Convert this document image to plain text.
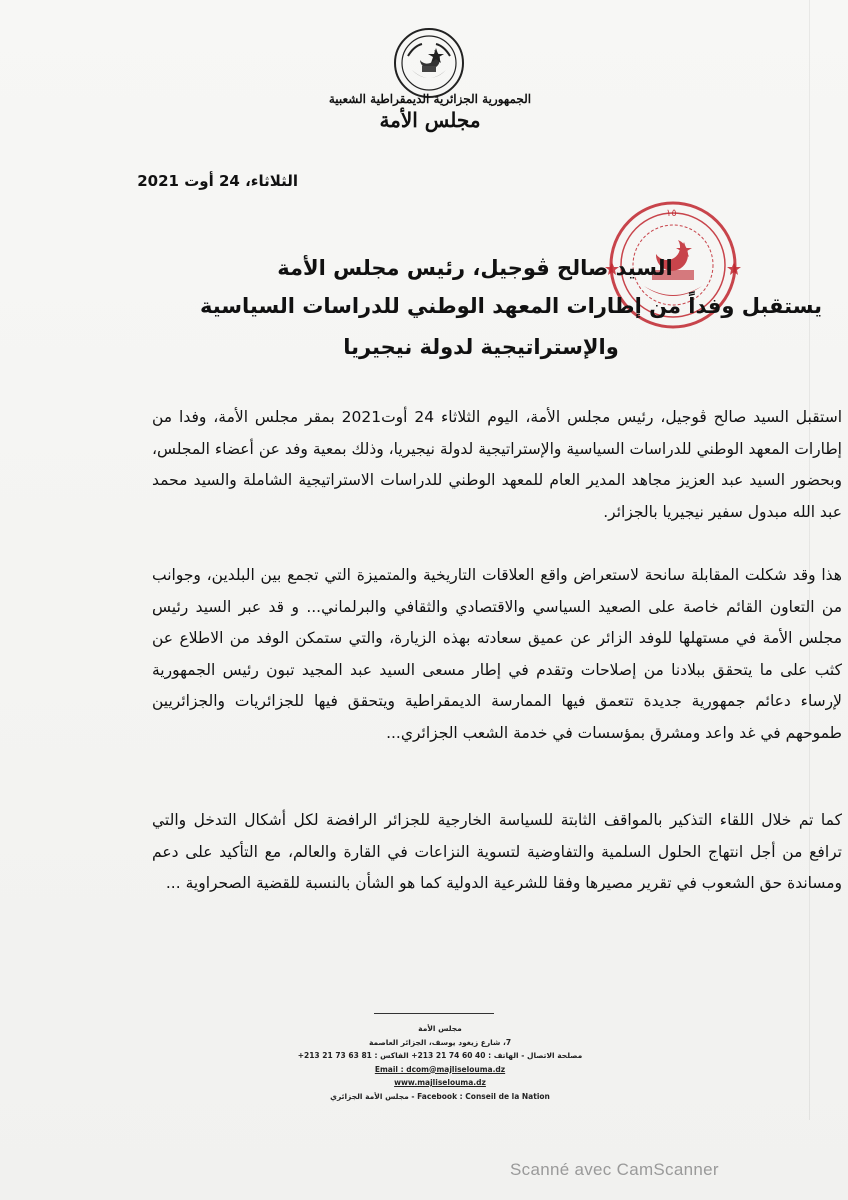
الجمهورية الجزائرية الديمقراطية الشعبية
مجلس الأمة
الثلاثاء، 24 أوت 2021
١٥
السيد صالح ڤوجيل، رئيس مجلس الأمة
يستقبل وفداً من إطارات المعهد الوطني للدراسات السياسية
والإستراتيجية لدولة نيجيريا
استقبل السيد صالح ڤوجيل، رئيس مجلس الأمة، اليوم الثلاثاء 24 أوت2021 بمقر مجلس الأمة، وفدا من إطارات المعهد الوطني للدراسات السياسية والإستراتيجية لدولة نيجيريا، وذلك بمعية وفد عن أعضاء المجلس، وبحضور السيد عبد العزيز مجاهد المدير العام للمعهد الوطني للدراسات الاستراتيجية الشاملة والسيد محمد عبد الله مبدول سفير نيجيريا بالجزائر.
هذا وقد شكلت المقابلة سانحة لاستعراض واقع العلاقات التاريخية والمتميزة التي تجمع بين البلدين، وجوانب من التعاون القائم خاصة على الصعيد السياسي والاقتصادي والثقافي والبرلماني... و قد عبر السيد رئيس مجلس الأمة في مستهلها للوفد الزائر عن عميق سعادته بهذه الزيارة، والتي ستمكن الوفد من الاطلاع عن كثب على ما يتحقق ببلادنا من إصلاحات وتقدم في إطار مسعى السيد عبد المجيد تبون رئيس الجمهورية لإرساء دعائم جمهورية جديدة تتعمق فيها الممارسة الديمقراطية ويتحقق فيها للجزائريات والجزائريين طموحهم في غد واعد ومشرق بمؤسسات في خدمة الشعب الجزائري...
كما تم خلال اللقاء التذكير بالمواقف الثابتة للسياسة الخارجية للجزائر الرافضة لكل أشكال التدخل والتي ترافع من أجل انتهاج الحلول السلمية والتفاوضية لتسوية النزاعات في القارة والعالم، مع التأكيد على دعم ومساندة حق الشعوب في تقرير مصيرها وفقا للشرعية الدولية كما هو الشأن بالنسبة للقضية الصحراوية ...
مجلس الأمة
7، شارع زيغود يوسف، الجزائر العاصمة
مصلحة الاتصال - الهاتف : 40 60 74 21 213+ الفاكس : 81 63 73 21 213+
Email : dcom@majliselouma.dz
www.majliselouma.dz
Facebook : Conseil de la Nation - مجلس الأمة الجزائري
Scanné avec CamScanner
